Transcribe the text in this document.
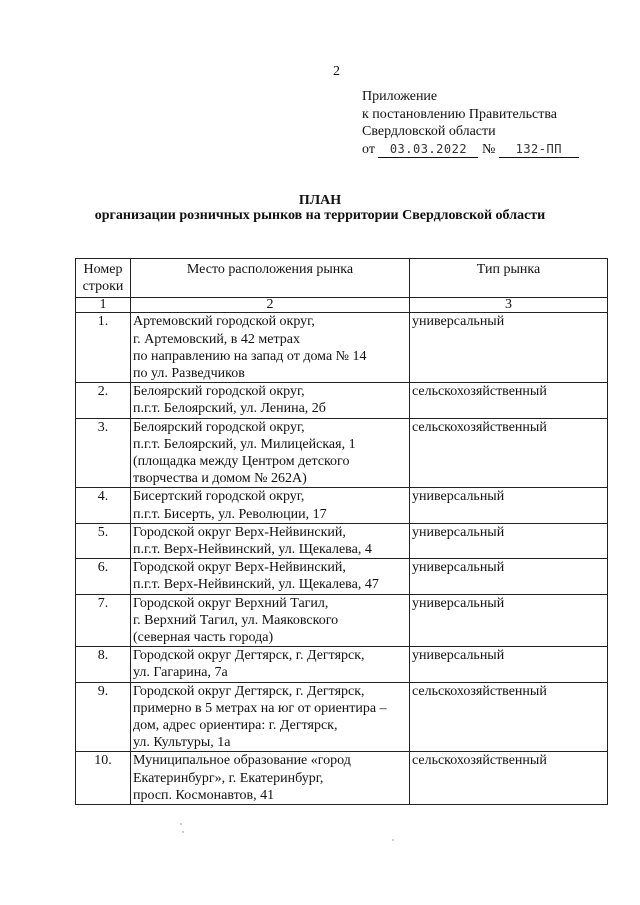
2
Приложение
к постановлению Правительства
Свердловской области
от 03.03.2022 № 132-ПП
ПЛАН
организации розничных рынков на территории Свердловской области
Номер строки	Место расположения рынка	Тип рынка
1	2	3
1.	Артемовский городской округ,
г. Артемовский, в 42 метрах
по направлению на запад от дома № 14
по ул. Разведчиков	универсальный
2.	Белоярский городской округ,
п.г.т. Белоярский, ул. Ленина, 2б	сельскохозяйственный
3.	Белоярский городской округ,
п.г.т. Белоярский, ул. Милицейская, 1
(площадка между Центром детского
творчества и домом № 262А)	сельскохозяйственный
4.	Бисертский городской округ,
п.г.т. Бисерть, ул. Революции, 17	универсальный
5.	Городской округ Верх-Нейвинский,
п.г.т. Верх-Нейвинский, ул. Щекалева, 4	универсальный
6.	Городской округ Верх-Нейвинский,
п.г.т. Верх-Нейвинский, ул. Щекалева, 47	универсальный
7.	Городской округ Верхний Тагил,
г. Верхний Тагил, ул. Маяковского
(северная часть города)	универсальный
8.	Городской округ Дегтярск, г. Дегтярск,
ул. Гагарина, 7а	универсальный
9.	Городской округ Дегтярск, г. Дегтярск,
примерно в 5 метрах на юг от ориентира –
дом, адрес ориентира: г. Дегтярск,
ул. Культуры, 1а	сельскохозяйственный
10.	Муниципальное образование «город
Екатеринбург», г. Екатеринбург,
просп. Космонавтов, 41	сельскохозяйственный
